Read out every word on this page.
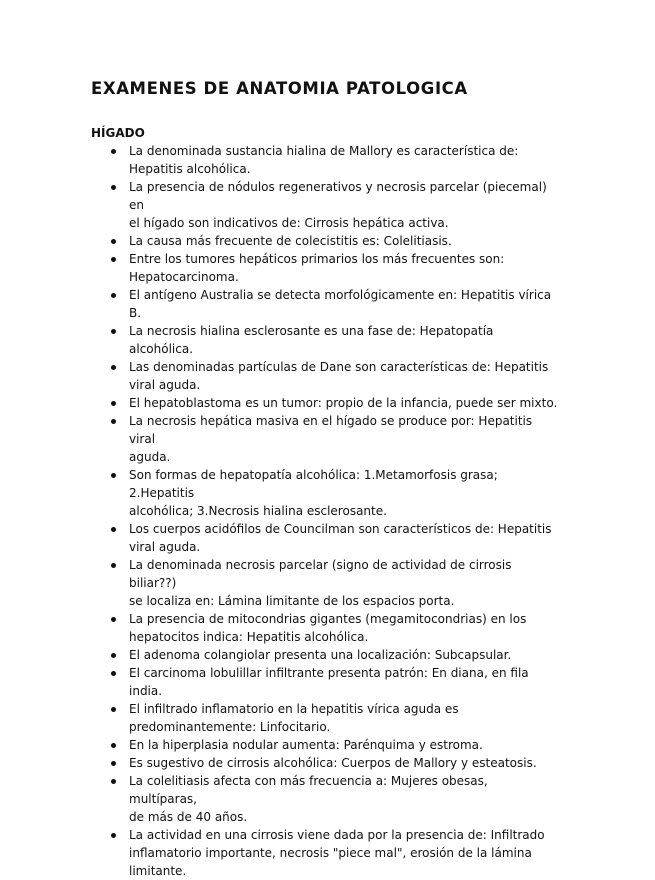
EXAMENES DE ANATOMIA PATOLOGICA
HÍGADO
La denominada sustancia hialina de Mallory es característica de:
Hepatitis alcohólica.
La presencia de nódulos regenerativos y necrosis parcelar (piecemal) en
el hígado son indicativos de: Cirrosis hepática activa.
La causa más frecuente de colecistitis es: Colelitiasis.
Entre los tumores hepáticos primarios los más frecuentes son:
Hepatocarcinoma.
El antígeno Australia se detecta morfológicamente en: Hepatitis vírica
B.
La necrosis hialina esclerosante es una fase de: Hepatopatía alcohólica.
Las denominadas partículas de Dane son características de: Hepatitis
viral aguda.
El hepatoblastoma es un tumor: propio de la infancia, puede ser mixto.
La necrosis hepática masiva en el hígado se produce por: Hepatitis viral
aguda.
Son formas de hepatopatía alcohólica: 1.Metamorfosis grasa; 2.Hepatitis
alcohólica; 3.Necrosis hialina esclerosante.
Los cuerpos acidófilos de Councilman son característicos de: Hepatitis
viral aguda.
La denominada necrosis parcelar (signo de actividad de cirrosis biliar??)
se localiza en: Lámina limitante de los espacios porta.
La presencia de mitocondrias gigantes (megamitocondrias) en los
hepatocitos indica: Hepatitis alcohólica.
El adenoma colangiolar presenta una localización: Subcapsular.
El carcinoma lobulillar infiltrante presenta patrón: En diana, en fila india.
El infiltrado inflamatorio en la hepatitis vírica aguda es
predominantemente: Linfocitario.
En la hiperplasia nodular aumenta: Parénquima y estroma.
Es sugestivo de cirrosis alcohólica: Cuerpos de Mallory y esteatosis.
La colelitiasis afecta con más frecuencia a: Mujeres obesas, multíparas,
de más de 40 años.
La actividad en una cirrosis viene dada por la presencia de: Infiltrado
inflamatorio importante, necrosis "piece mal", erosión de la lámina
limitante.
